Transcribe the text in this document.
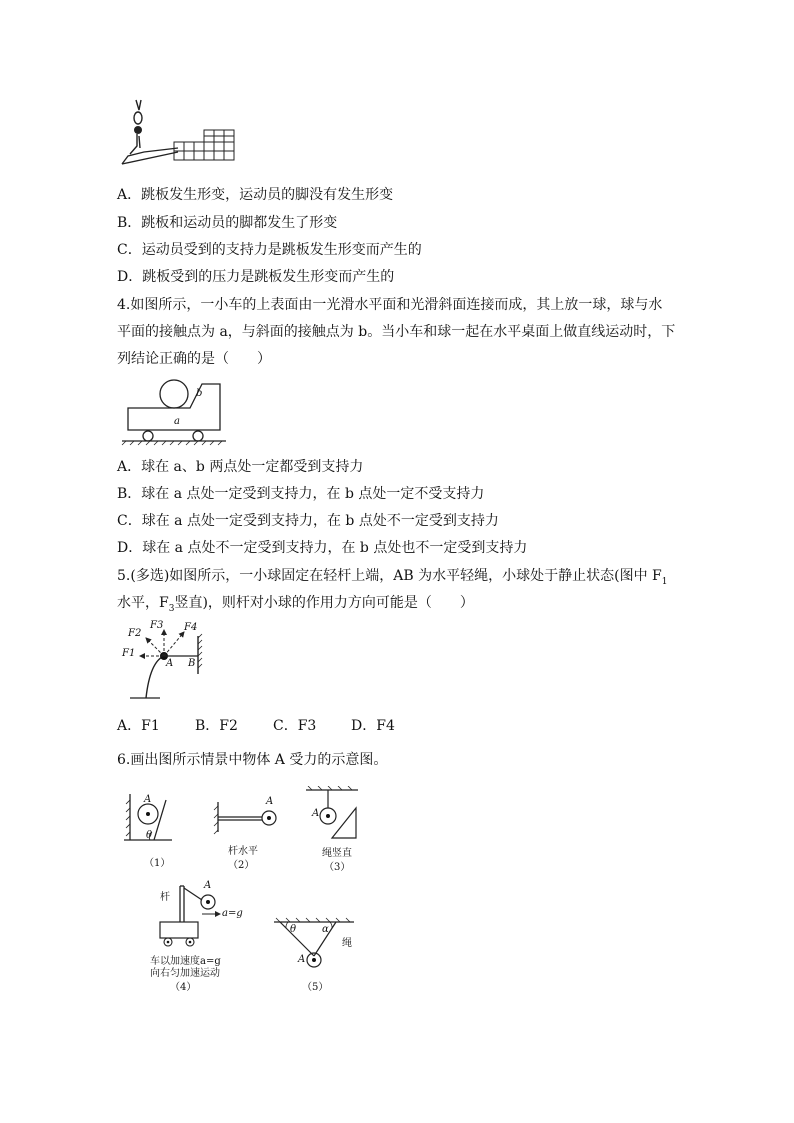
A．跳板发生形变，运动员的脚没有发生形变
B．跳板和运动员的脚都发生了形变
C．运动员受到的支持力是跳板发生形变而产生的
D．跳板受到的压力是跳板发生形变而产生的
4.如图所示，一小车的上表面由一光滑水平面和光滑斜面连接而成，其上放一球，球与水
平面的接触点为 a，与斜面的接触点为 b。当小车和球一起在水平桌面上做直线运动时，下
列结论正确的是（　　）
b
a
A．球在 a、b 两点处一定都受到支持力
B．球在 a 点处一定受到支持力，在 b 点处一定不受支持力
C．球在 a 点处一定受到支持力，在 b 点处不一定受到支持力
D．球在 a 点处不一定受到支持力，在 b 点处也不一定受到支持力
5.(多选)如图所示，一小球固定在轻杆上端，AB 为水平轻绳，小球处于静止状态(图中 $F_1$
水平，$F_3$竖直)，则杆对小球的作用力方向可能是（　　）
F1
F2
F3 F4
A B
A．F1	B．F2	C．F3 D．F4
6.画出图所示情景中物体 A 受力的示意图。
A
θ
（1）
A
杆水平
（2）
A
绳竖直
（3）
杆
A
a=g
车以加速度a=g
向右匀加速运动
（4）
θ	α
绳
A
（5）
